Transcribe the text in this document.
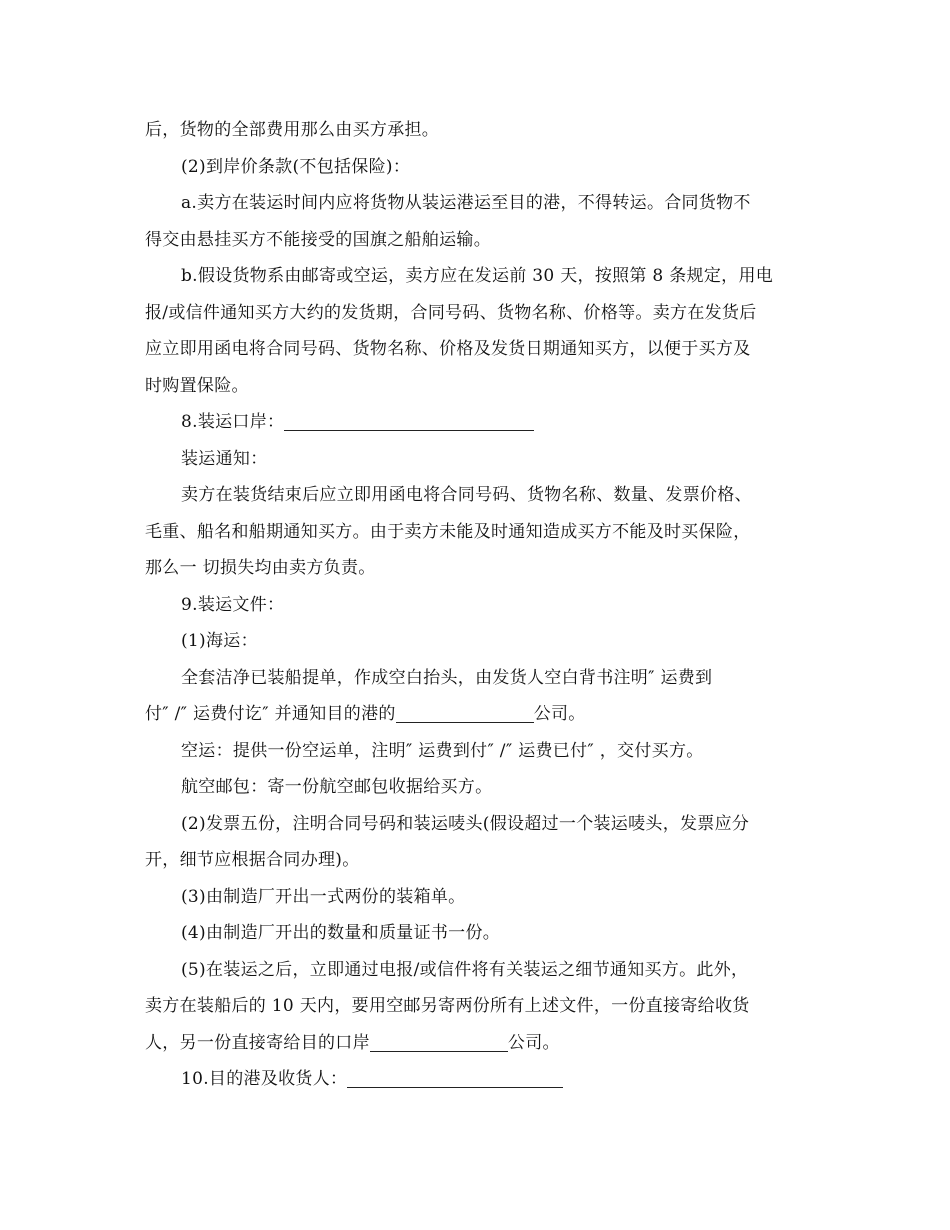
后，货物的全部费用那么由买方承担。
(2)到岸价条款(不包括保险)：
a.卖方在装运时间内应将货物从装运港运至目的港，不得转运。合同货物不
得交由悬挂买方不能接受的国旗之船舶运输。
b.假设货物系由邮寄或空运，卖方应在发运前 30 天，按照第 8 条规定，用电
报/或信件通知买方大约的发货期，合同号码、货物名称、价格等。卖方在发货后
应立即用函电将合同号码、货物名称、价格及发货日期通知买方，以便于买方及
时购置保险。
8.装运口岸：
装运通知：
卖方在装货结束后应立即用函电将合同号码、货物名称、数量、发票价格、
毛重、船名和船期通知买方。由于卖方未能及时通知造成买方不能及时买保险，
那么一 切损失均由卖方负责。
9.装运文件：
(1)海运：
全套洁净已装船提单，作成空白抬头，由发货人空白背书注明″ 运费到
付″ /″ 运费付讫″ 并通知目的港的	公司。
空运：提供一份空运单，注明″ 运费到付″ /″ 运费已付″ ，交付买方。
航空邮包：寄一份航空邮包收据给买方。
(2)发票五份，注明合同号码和装运唛头(假设超过一个装运唛头，发票应分
开，细节应根据合同办理)。
(3)由制造厂开出一式两份的装箱单。
(4)由制造厂开出的数量和质量证书一份。
(5)在装运之后，立即通过电报/或信件将有关装运之细节通知买方。此外，
卖方在装船后的 10 天内，要用空邮另寄两份所有上述文件，一份直接寄给收货
人，另一份直接寄给目的口岸	公司。
10.目的港及收货人：
